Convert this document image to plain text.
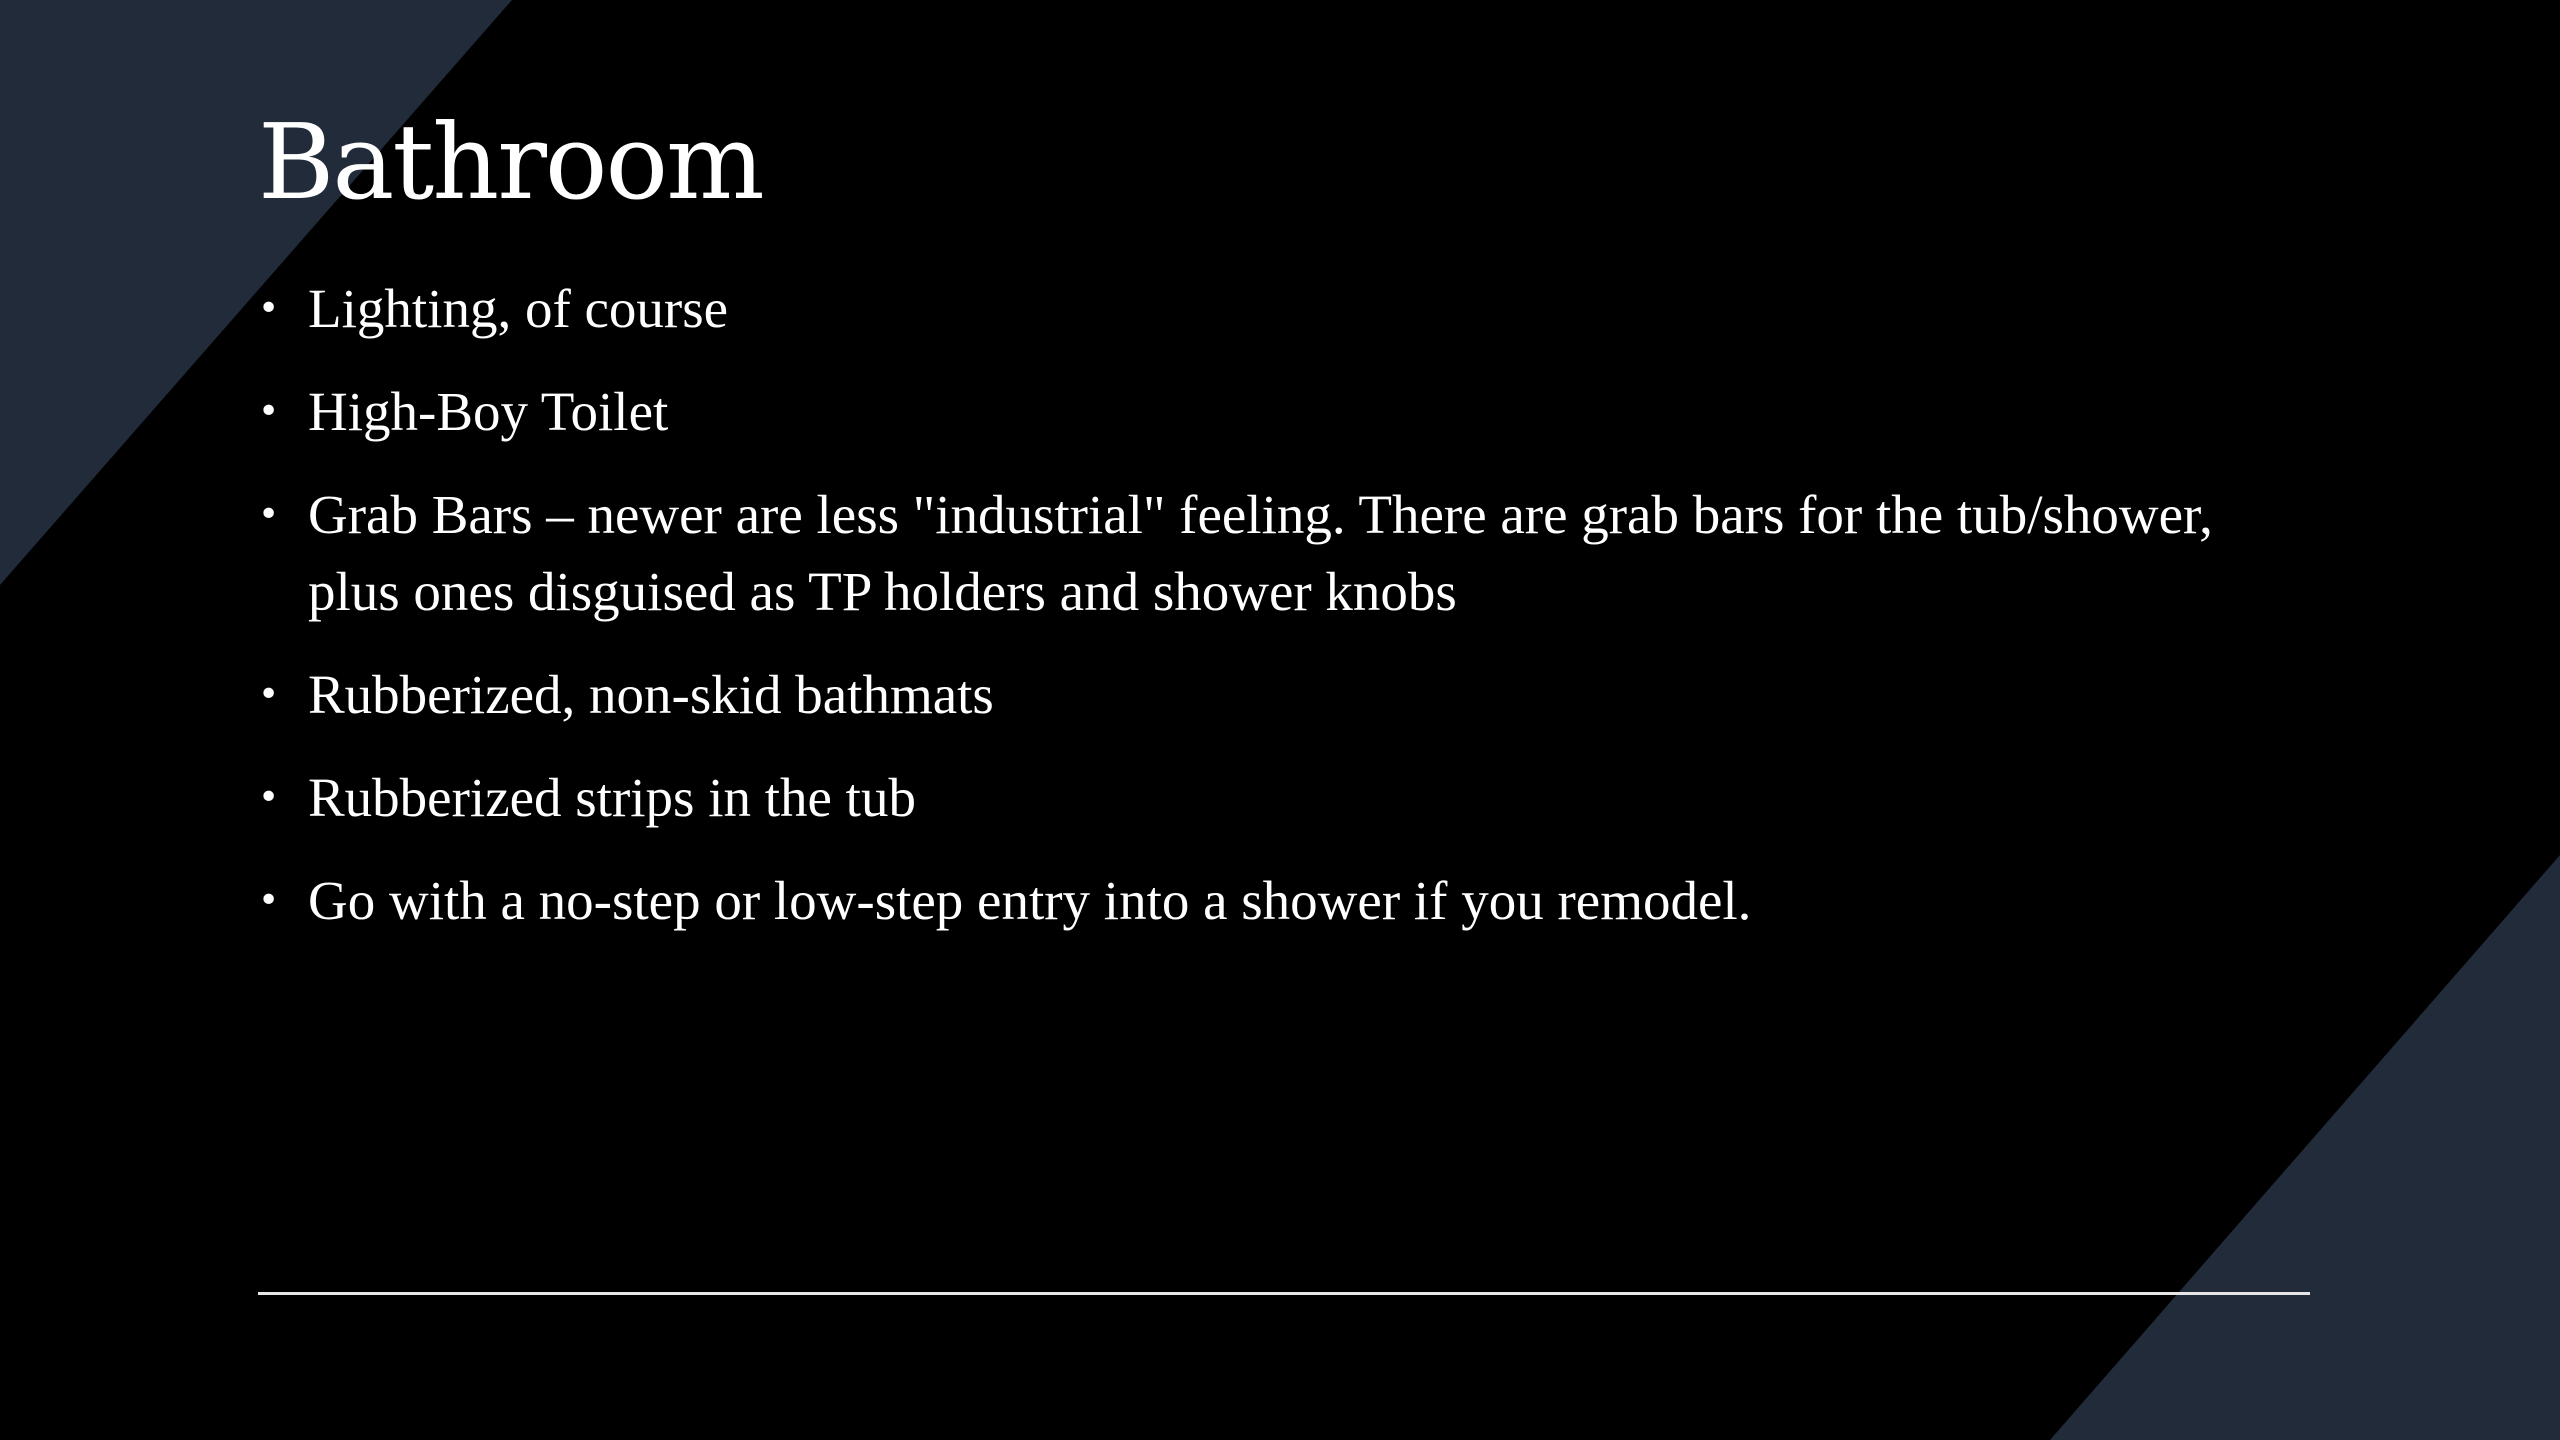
Bathroom
• Lighting, of course
• High-Boy Toilet
• Grab Bars – newer are less "industrial" feeling. There are grab bars for the tub/shower, plus ones disguised as TP holders and shower knobs
• Rubberized, non-skid bathmats
• Rubberized strips in the tub
• Go with a no-step or low-step entry into a shower if you remodel.
